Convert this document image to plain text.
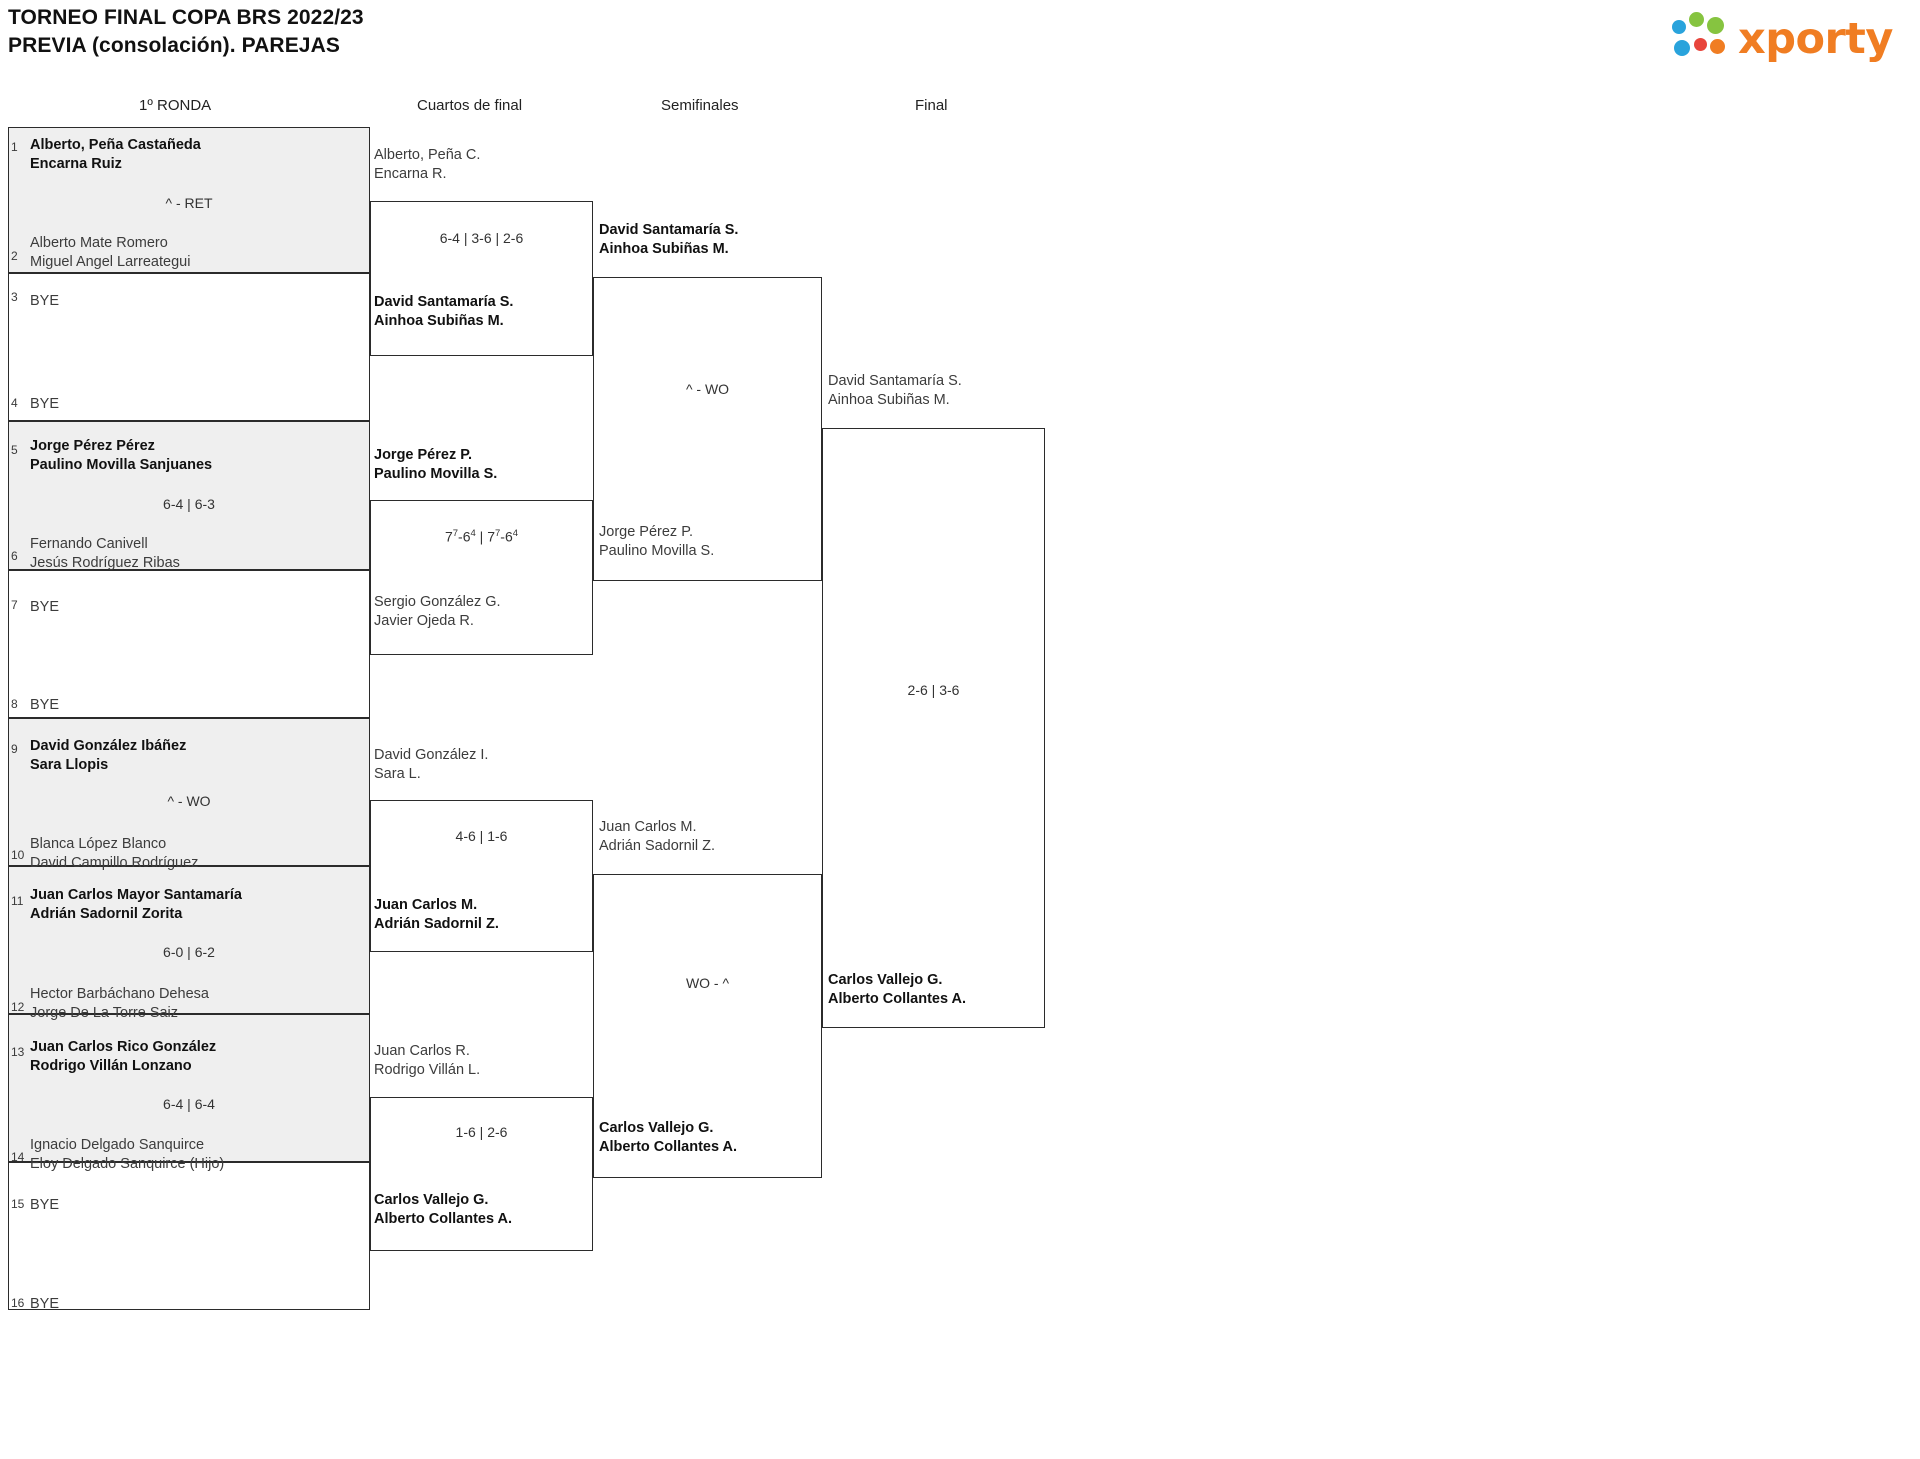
TORNEO FINAL COPA BRS 2022/23
PREVIA (consolación). PAREJAS	xporty
1º RONDA	Cuartos de final	Semifinales	Final
1 Alberto, Peña Castañeda
Encarna Ruiz
^ - RET
2
Alberto Mate Romero
Miguel Angel Larreategui
3 BYE
4 BYE
5 Jorge Pérez Pérez
Paulino Movilla Sanjuanes
6-4 | 6-3
6
Fernando Canivell
Jesús Rodríguez Ribas
7 BYE
8 BYE
9 David González Ibáñez
Sara Llopis
^ - WO
10
Blanca López Blanco
David Campillo Rodríguez
11 Juan Carlos Mayor Santamaría
Adrián Sadornil Zorita
6-0 | 6-2
12
Hector Barbáchano Dehesa
Jorge De La Torre Saiz
13 Juan Carlos Rico González
Rodrigo Villán Lonzano
6-4 | 6-4
14
Ignacio Delgado Sanquirce
Eloy Delgado Sanquirce (Hijo)
15 BYE
16 BYE
Alberto, Peña C.
Encarna R.
6-4 | 3-6 | 2-6
David Santamaría S.
Ainhoa Subiñas M.
Jorge Pérez P.
Paulino Movilla S.
$7^7-6^4$ | $7^7-6^4$
Sergio González G.
Javier Ojeda R.
David González I.
Sara L.
4-6 | 1-6
Juan Carlos M.
Adrián Sadornil Z.
Juan Carlos R.
Rodrigo Villán L.
1-6 | 2-6
Carlos Vallejo G.
Alberto Collantes A.
David Santamaría S.
Ainhoa Subiñas M.
^ - WO
Jorge Pérez P.
Paulino Movilla S.
Juan Carlos M.
Adrián Sadornil Z.
WO - ^
Carlos Vallejo G.
Alberto Collantes A.
David Santamaría S.
Ainhoa Subiñas M.
2-6 | 3-6
Carlos Vallejo G.
Alberto Collantes A.
